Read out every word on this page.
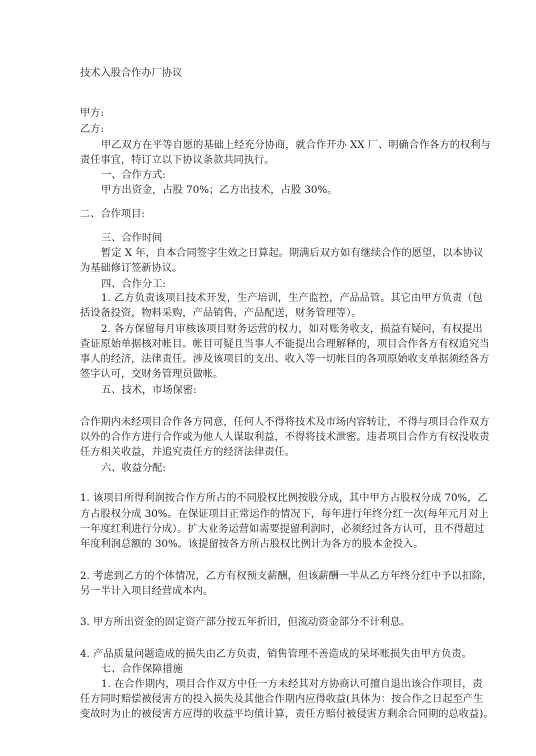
技术入股合作办厂协议
甲方:
乙方:
甲乙双方在平等自愿的基础上经充分协商，就合作开办 XX 厂、明确合作各方的权利与
责任事宜，特订立以下协议条款共同执行。
一、合作方式:
甲方出资金，占股 70%；乙方出技术，占股 30%。
二、合作项目:
三、合作时间
暂定 X 年，自本合同签字生效之日算起。期满后双方如有继续合作的愿望，以本协议
为基础修订签新协议。
四、合作分工:
1. 乙方负责该项目技术开发，生产培训，生产监控，产品品管。其它由甲方负责（包
括设备投资，物料采购，产品销售，产品配送，财务管理等）。
2. 各方保留每月审核该项目财务运营的权力，如对账务收支，损益有疑问，有权提出
查证原始单据核对帐目。帐目可疑且当事人不能提出合理解释的，项目合作各方有权追究当
事人的经济，法律责任。涉及该项目的支出、收入等一切帐目的各项原始收支单据须经各方
签字认可，交财务管理员做帐。
五、技术，市场保密:
合作期内未经项目合作各方同意，任何人不得将技术及市场内容转让，不得与项目合作双方
以外的合作方进行合作或为他人人谋取利益，不得将技术泄密。违者项目合作方有权没收责
任方相关收益，并追究责任方的经济法律责任。
六、收益分配:
1. 该项目所得利润按合作方所占的不同股权比例按股分成，其中甲方占股权分成 70%，乙
方占股权分成 30%。在保证项目正常运作的情况下，每年进行年终分红一次(每年元月对上
一年度红利进行分成）。扩大业务运营如需要提留利润时，必须经过各方认可，且不得超过
年度利润总额的 30%。该提留按各方所占股权比例计为各方的股本金投入。
2. 考虑到乙方的个体情况，乙方有权预支薪酬，但该薪酬一半从乙方年终分红中予以扣除，
另一半计入项目经营成本内。
3. 甲方所出资金的固定资产部分按五年折旧，但流动资金部分不计利息。
4. 产品质量问题造成的损失由乙方负责，销售管理不善造成的呆坏账损失由甲方负责。
七、合作保障措施
1. 在合作期内，项目合作双方中任一方未经其对方协商认可擅自退出该合作项目，责
任方同时赔偿被侵害方的投入损失及其他合作期内应得收益(具体为：按合作之日起至产生
变故时为止的被侵害方应得的收益平均值计算，责任方赔付被侵害方剩余合同期的总收益)。
